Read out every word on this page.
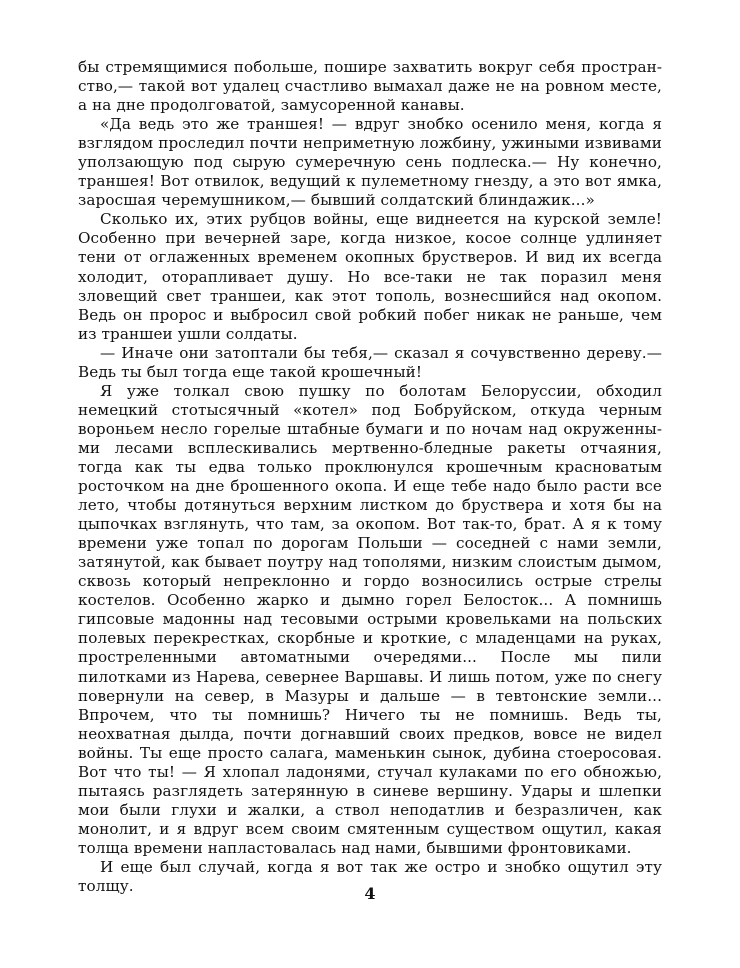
бы стремящимися побольше, пошире захватить вокруг себя пространство,— такой вот удалец счастливо вымахал даже не на ровном месте, а на дне продолговатой, замусоренной канавы.

«Да ведь это же траншея! — вдруг знобко осенило меня, когда я взглядом проследил почти неприметную ложбину, ужиными извивами уползающую под сырую сумеречную сень подлеска.— Ну конечно, траншея! Вот отвилок, ведущий к пулеметному гнезду, а это вот ямка, заросшая черемушником,— бывший солдатский блиндажик...»

Сколько их, этих рубцов войны, еще виднеется на курской земле! Особенно при вечерней заре, когда низкое, косое солнце удлиняет тени от оглаженных временем окопных брустверов. И вид их всегда холодит, оторапливает душу. Но все-таки не так поразил меня зловещий свет траншеи, как этот тополь, вознесшийся над окопом. Ведь он пророс и выбросил свой робкий побег никак не раньше, чем из траншеи ушли солдаты.

— Иначе они затоптали бы тебя,— сказал я сочувственно дереву.— Ведь ты был тогда еще такой крошечный!

Я уже толкал свою пушку по болотам Белоруссии, обходил немецкий стотысячный «котел» под Бобруйском, откуда черным вороньем несло горелые штабные бумаги и по ночам над окруженными лесами всплескивались мертвенно-бледные ракеты отчаяния, тогда как ты едва только проклюнулся крошечным красноватым росточком на дне брошенного окопа. И еще тебе надо было расти все лето, чтобы дотянуться верхним листком до бруствера и хотя бы на цыпочках взглянуть, что там, за окопом. Вот так-то, брат. А я к тому времени уже топал по дорогам Польши — соседней с нами земли, затянутой, как бывает поутру над тополями, низким слоистым дымом, сквозь который непреклонно и гордо возносились острые стрелы костелов. Особенно жарко и дымно горел Белосток... А помнишь гипсовые мадонны над тесовыми острыми кровельками на польских полевых перекрестках, скорбные и кроткие, с младенцами на руках, простреленными автоматными очередями... После мы пили пилотками из Нарева, севернее Варшавы. И лишь потом, уже по снегу повернули на север, в Мазуры и дальше — в тевтонские земли... Впрочем, что ты помнишь? Ничего ты не помнишь. Ведь ты, неохватная дылда, почти догнавший своих предков, вовсе не видел войны. Ты еще просто салага, маменькин сынок, дубина стоеросовая. Вот что ты! — Я хлопал ладонями, стучал кулаками по его обножью, пытаясь разглядеть затерянную в синеве вершину. Удары и шлепки мои были глухи и жалки, а ствол неподатлив и безразличен, как монолит, и я вдруг всем своим смятенным существом ощутил, какая толща времени напластовалась над нами, бывшими фронтовиками.

И еще был случай, когда я вот так же остро и знобко ощутил эту толщу.	4
